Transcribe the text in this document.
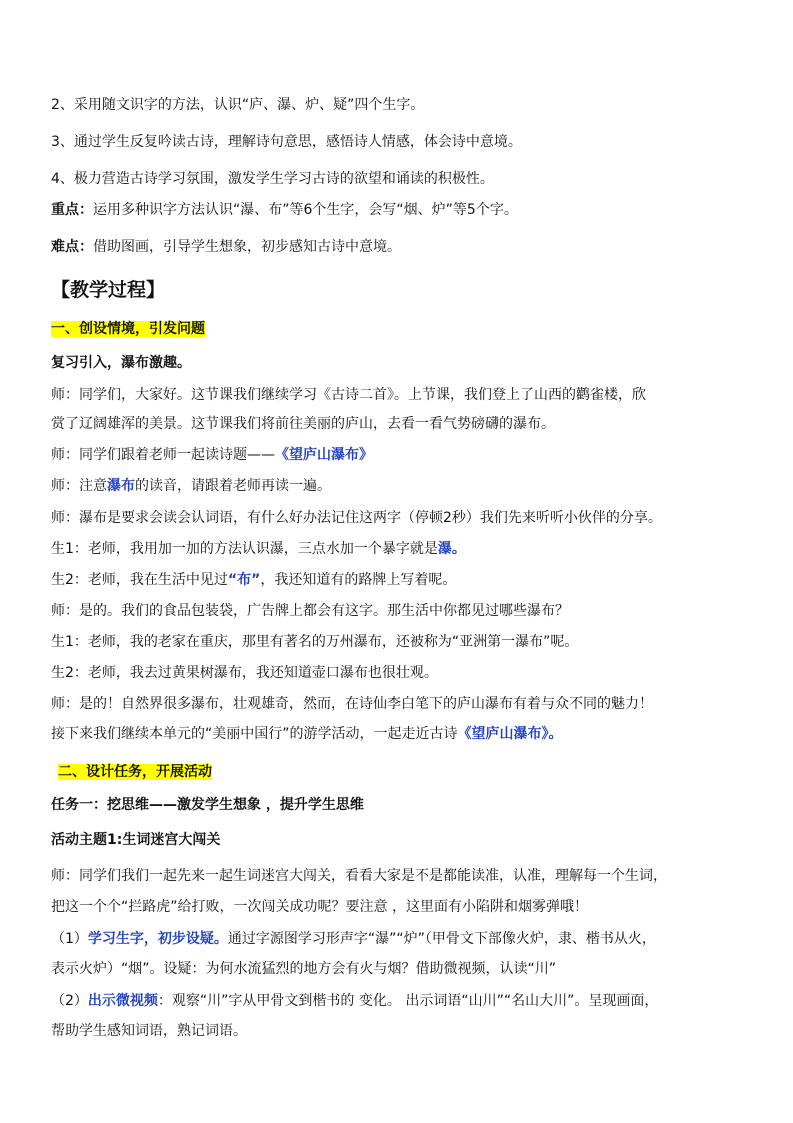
2、采用随文识字的方法，认识“庐、瀑、炉、疑”四个生字。
3、通过学生反复吟读古诗，理解诗句意思，感悟诗人情感，体会诗中意境。
4、极力营造古诗学习氛围，激发学生学习古诗的欲望和诵读的积极性。
重点：运用多种识字方法认识“瀑、布”等6个生字，会写“烟、炉”等5个字。
难点：借助图画，引导学生想象，初步感知古诗中意境。
【教学过程】
一、创设情境，引发问题
复习引入，瀑布激趣。
师：同学们，大家好。这节课我们继续学习《古诗二首》。上节课，我们登上了山西的鹳雀楼，欣
赏了辽阔雄浑的美景。这节课我们将前往美丽的庐山，去看一看气势磅礴的瀑布。
师：同学们跟着老师一起读诗题——《望庐山瀑布》
师：注意瀑布的读音，请跟着老师再读一遍。
师：瀑布是要求会读会认词语，有什么好办法记住这两字（停顿2秒）我们先来听听小伙伴的分享。
生1：老师，我用加一加的方法认识瀑，三点水加一个暴字就是瀑。
生2：老师，我在生活中见过“布”，我还知道有的路牌上写着呢。
师：是的。我们的食品包装袋，广告牌上都会有这字。那生活中你都见过哪些瀑布？
生1：老师，我的老家在重庆，那里有著名的万州瀑布，还被称为“亚洲第一瀑布”呢。
生2：老师，我去过黄果树瀑布，我还知道壶口瀑布也很壮观。
师：是的！自然界很多瀑布，壮观雄奇，然而，在诗仙李白笔下的庐山瀑布有着与众不同的魅力！
接下来我们继续本单元的“美丽中国行”的游学活动，一起走近古诗《望庐山瀑布》。
二、设计任务，开展活动
任务一：挖思维——激发学生想象 ，提升学生思维
活动主题1:生词迷宫大闯关
师：同学们我们一起先来一起生词迷宫大闯关，看看大家是不是都能读准，认准，理解每一个生词，
把这一个个“拦路虎”给打败，一次闯关成功呢？要注意 ，这里面有小陷阱和烟雾弹哦！
（1）学习生字，初步设疑。通过字源图学习形声字“瀑”“炉”（甲骨文下部像火炉，隶、楷书从火，
表示火炉）“烟”。设疑：为何水流猛烈的地方会有火与烟？借助微视频，认读“川”
（2）出示微视频：观察“川”字从甲骨文到楷书的 变化。 出示词语“山川”“名山大川”。呈现画面，
帮助学生感知词语，熟记词语。
